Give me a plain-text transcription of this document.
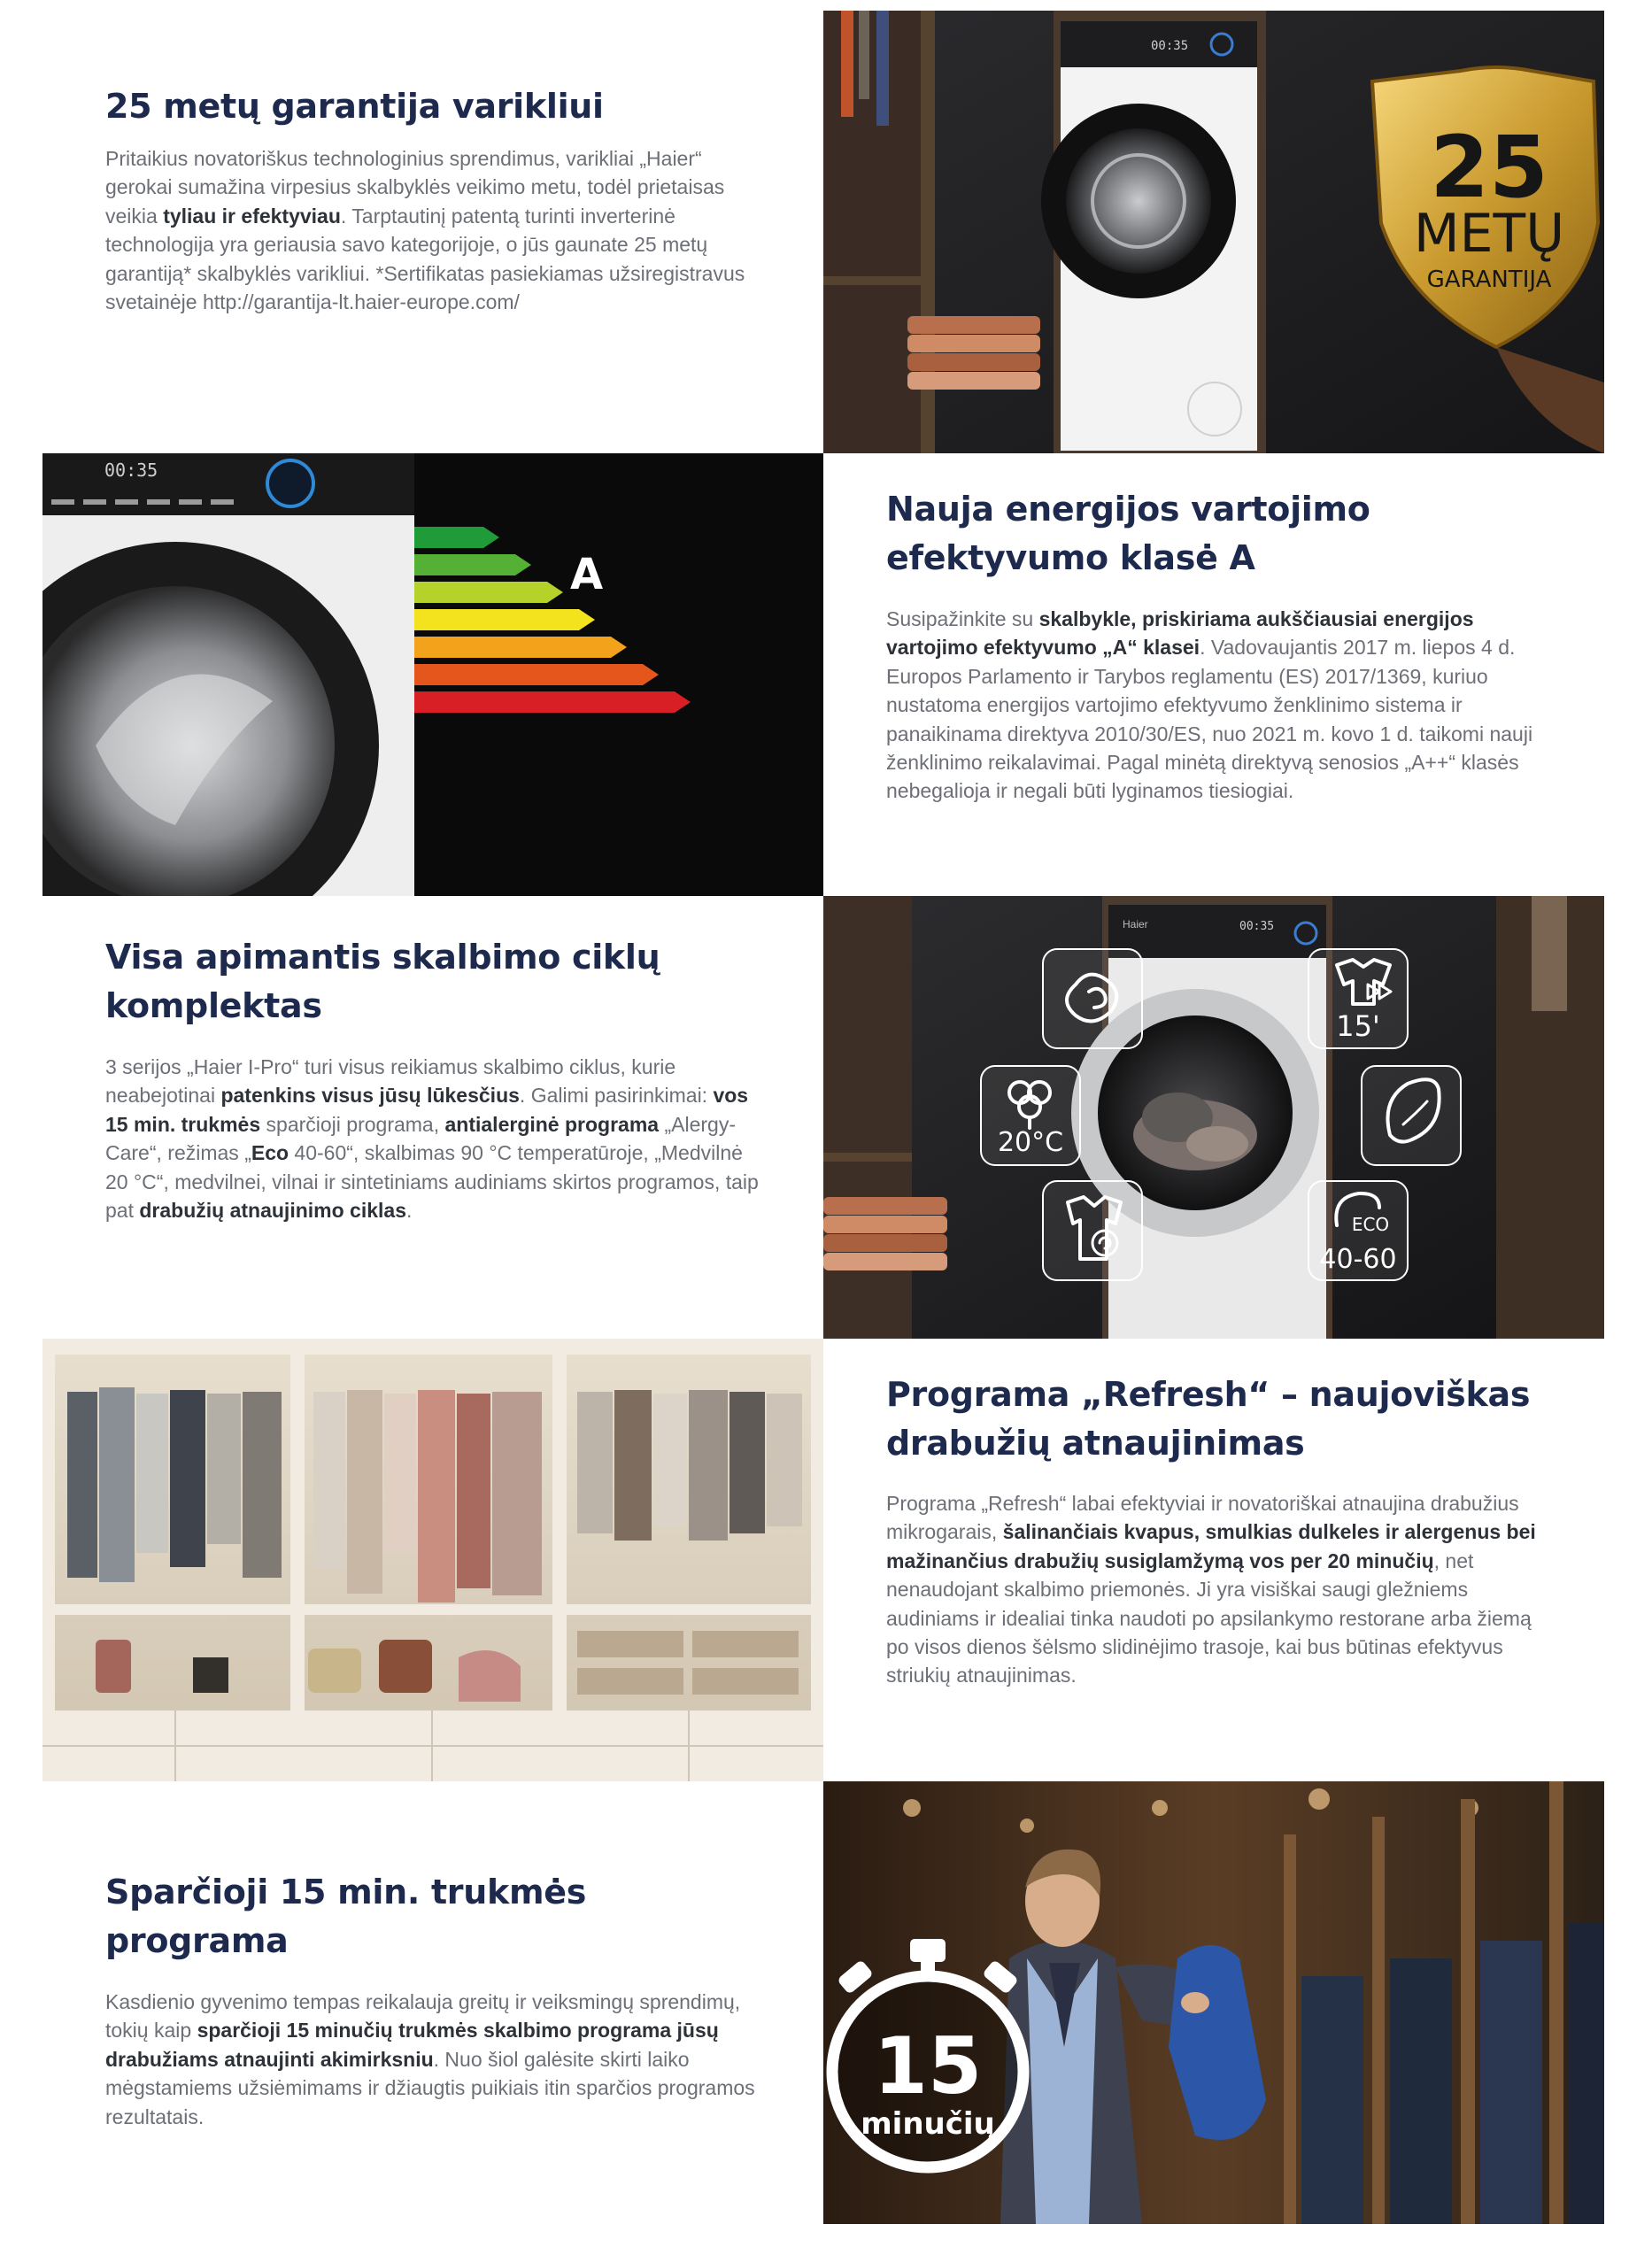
25 metų garantija varikliui

Pritaikius novatoriškus technologinius sprendimus, varikliai „Haier“ gerokai sumažina virpesius skalbyklės veikimo metu, todėl prietaisas veikia tyliau ir efektyviau. Tarptautinį patentą turinti inverterinė technologija yra geriausia savo kategorijoje, o jūs gaunate 25 metų garantiją* skalbyklės varikliui. *Sertifikatas pasiekiamas užsiregistravus svetainėje http://garantija-lt.haier-europe.com/

00:35
25
METŲ
GARANTIJA
00:35
A
Nauja energijos vartojimo efektyvumo klasė A

Susipažinkite su skalbykle, priskiriama aukščiausiai energijos vartojimo efektyvumo „A“ klasei. Vadovaujantis 2017 m. liepos 4 d. Europos Parlamento ir Tarybos reglamentu (ES) 2017/1369, kuriuo nustatoma energijos vartojimo efektyvumo ženklinimo sistema ir panaikinama direktyva 2010/30/ES, nuo 2021 m. kovo 1 d. taikomi nauji ženklinimo reikalavimai. Pagal minėtą direktyvą senosios „A++“ klasės nebegalioja ir negali būti lyginamos tiesiogiai.

Visa apimantis skalbimo ciklų komplektas

3 serijos „Haier I-Pro“ turi visus reikiamus skalbimo ciklus, kurie neabejotinai patenkins visus jūsų lūkesčius. Galimi pasirinkimai: vos 15 min. trukmės sparčioji programa, antialerginė programa „Alergy-Care“, režimas „Eco 40-60“, skalbimas 90 °C temperatūroje, „Medvilnė 20 °C“, medvilnei, vilnai ir sintetiniams audiniams skirtos programos, taip pat drabužių atnaujinimo ciklas.

Haier	00:35
15'
20°C
ECO
40-60
Programa „Refresh“ – naujoviškas drabužių atnaujinimas

Programa „Refresh“ labai efektyviai ir novatoriškai atnaujina drabužius mikrogarais, šalinančiais kvapus, smulkias dulkeles ir alergenus bei mažinančius drabužių susiglamžymą vos per 20 minučių, net nenaudojant skalbimo priemonės. Ji yra visiškai saugi gležniems audiniams ir idealiai tinka naudoti po apsilankymo restorane arba žiemą po visos dienos šėlsmo slidinėjimo trasoje, kai bus būtinas efektyvus striukių atnaujinimas.

Sparčioji 15 min. trukmės programa

Kasdienio gyvenimo tempas reikalauja greitų ir veiksmingų sprendimų, tokių kaip sparčioji 15 minučių trukmės skalbimo programa jūsų drabužiams atnaujinti akimirksniu. Nuo šiol galėsite skirti laiko mėgstamiems užsiėmimams ir džiaugtis puikiais itin sparčios programos rezultatais.

15
minučių
